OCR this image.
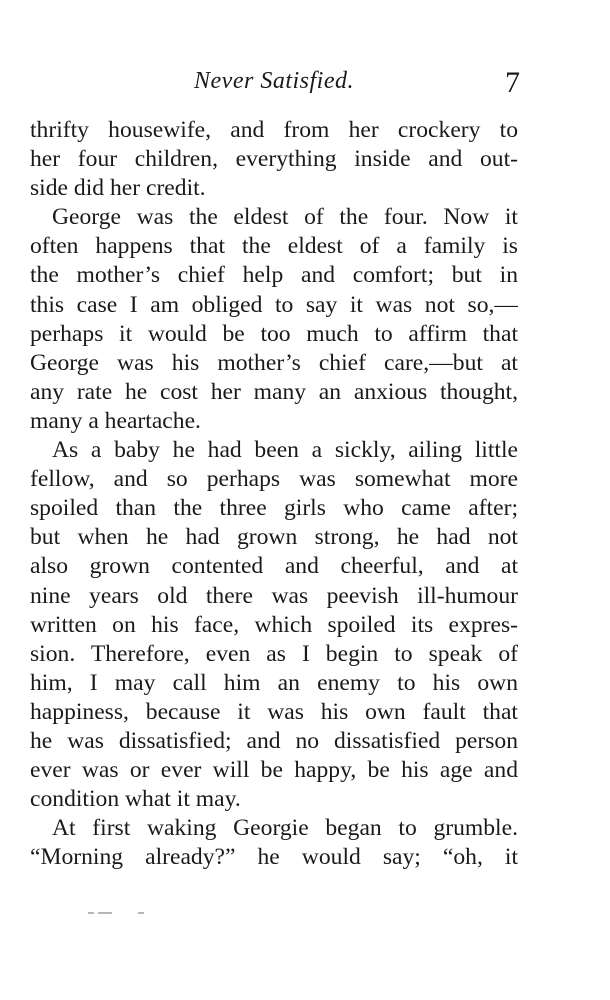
Never Satisfied.	7
thrifty housewife, and from her crockery to
her four children, everything inside and out-
side did her credit.
George was the eldest of the four. Now it
often happens that the eldest of a family is
the mother’s chief help and comfort; but in
this case I am obliged to say it was not so,—
perhaps it would be too much to affirm that
George was his mother’s chief care,—but at
any rate he cost her many an anxious thought,
many a heartache.
As a baby he had been a sickly, ailing little
fellow, and so perhaps was somewhat more
spoiled than the three girls who came after;
but when he had grown strong, he had not
also grown contented and cheerful, and at
nine years old there was peevish ill-humour
written on his face, which spoiled its expres-
sion. Therefore, even as I begin to speak of
him, I may call him an enemy to his own
happiness, because it was his own fault that
he was dissatisfied; and no dissatisfied person
ever was or ever will be happy, be his age and
condition what it may.
At first waking Georgie began to grumble.
“Morning already?” he would say; “oh, it
